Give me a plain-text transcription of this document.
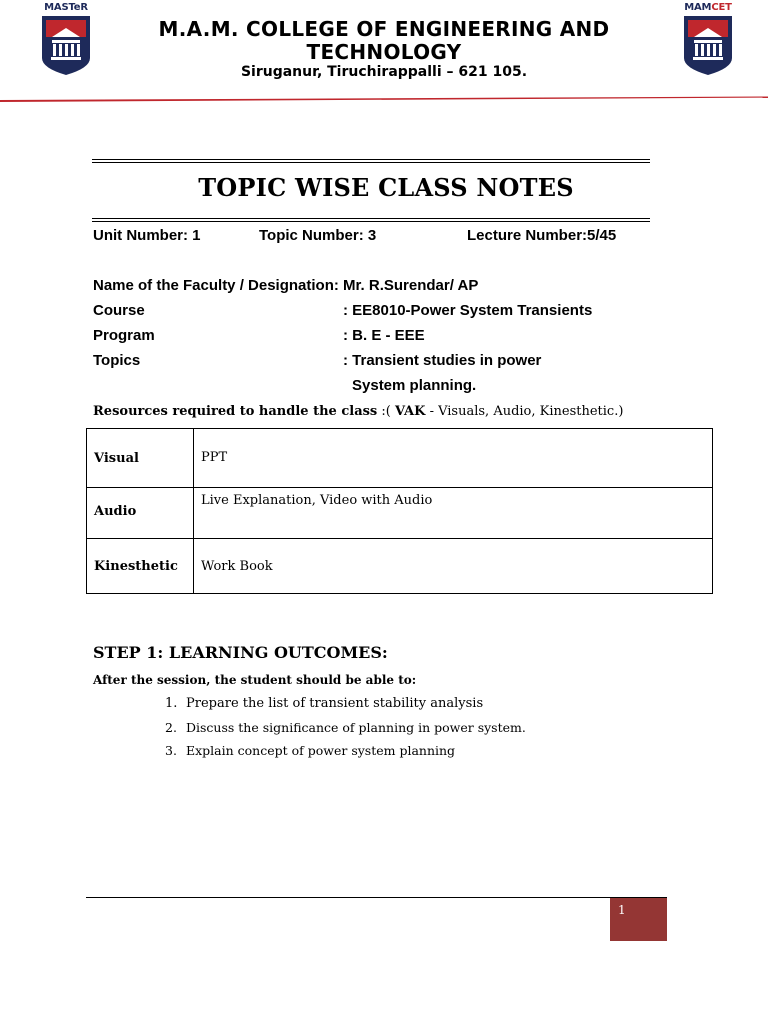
MASTeR
M.A.M. COLLEGE OF ENGINEERING AND TECHNOLOGY
Siruganur, Tiruchirappalli – 621 105.
MAMCET
TOPIC WISE CLASS NOTES
Unit Number: 1	Topic Number: 3	Lecture Number:5/45
Name of the Faculty / Designation: Mr. R.Surendar/ AP
Course	: EE8010-Power System Transients
Program	: B. E - EEE
Topics	: Transient studies in power
System planning.
Resources required to handle the class :( VAK - Visuals, Audio, Kinesthetic.)
Visual	PPT
Audio	Live Explanation, Video with Audio
Kinesthetic	Work Book
STEP 1: LEARNING OUTCOMES:
After the session, the student should be able to:
1. Prepare the list of transient stability analysis
2. Discuss the significance of planning in power system.
3. Explain concept of power system planning
1
